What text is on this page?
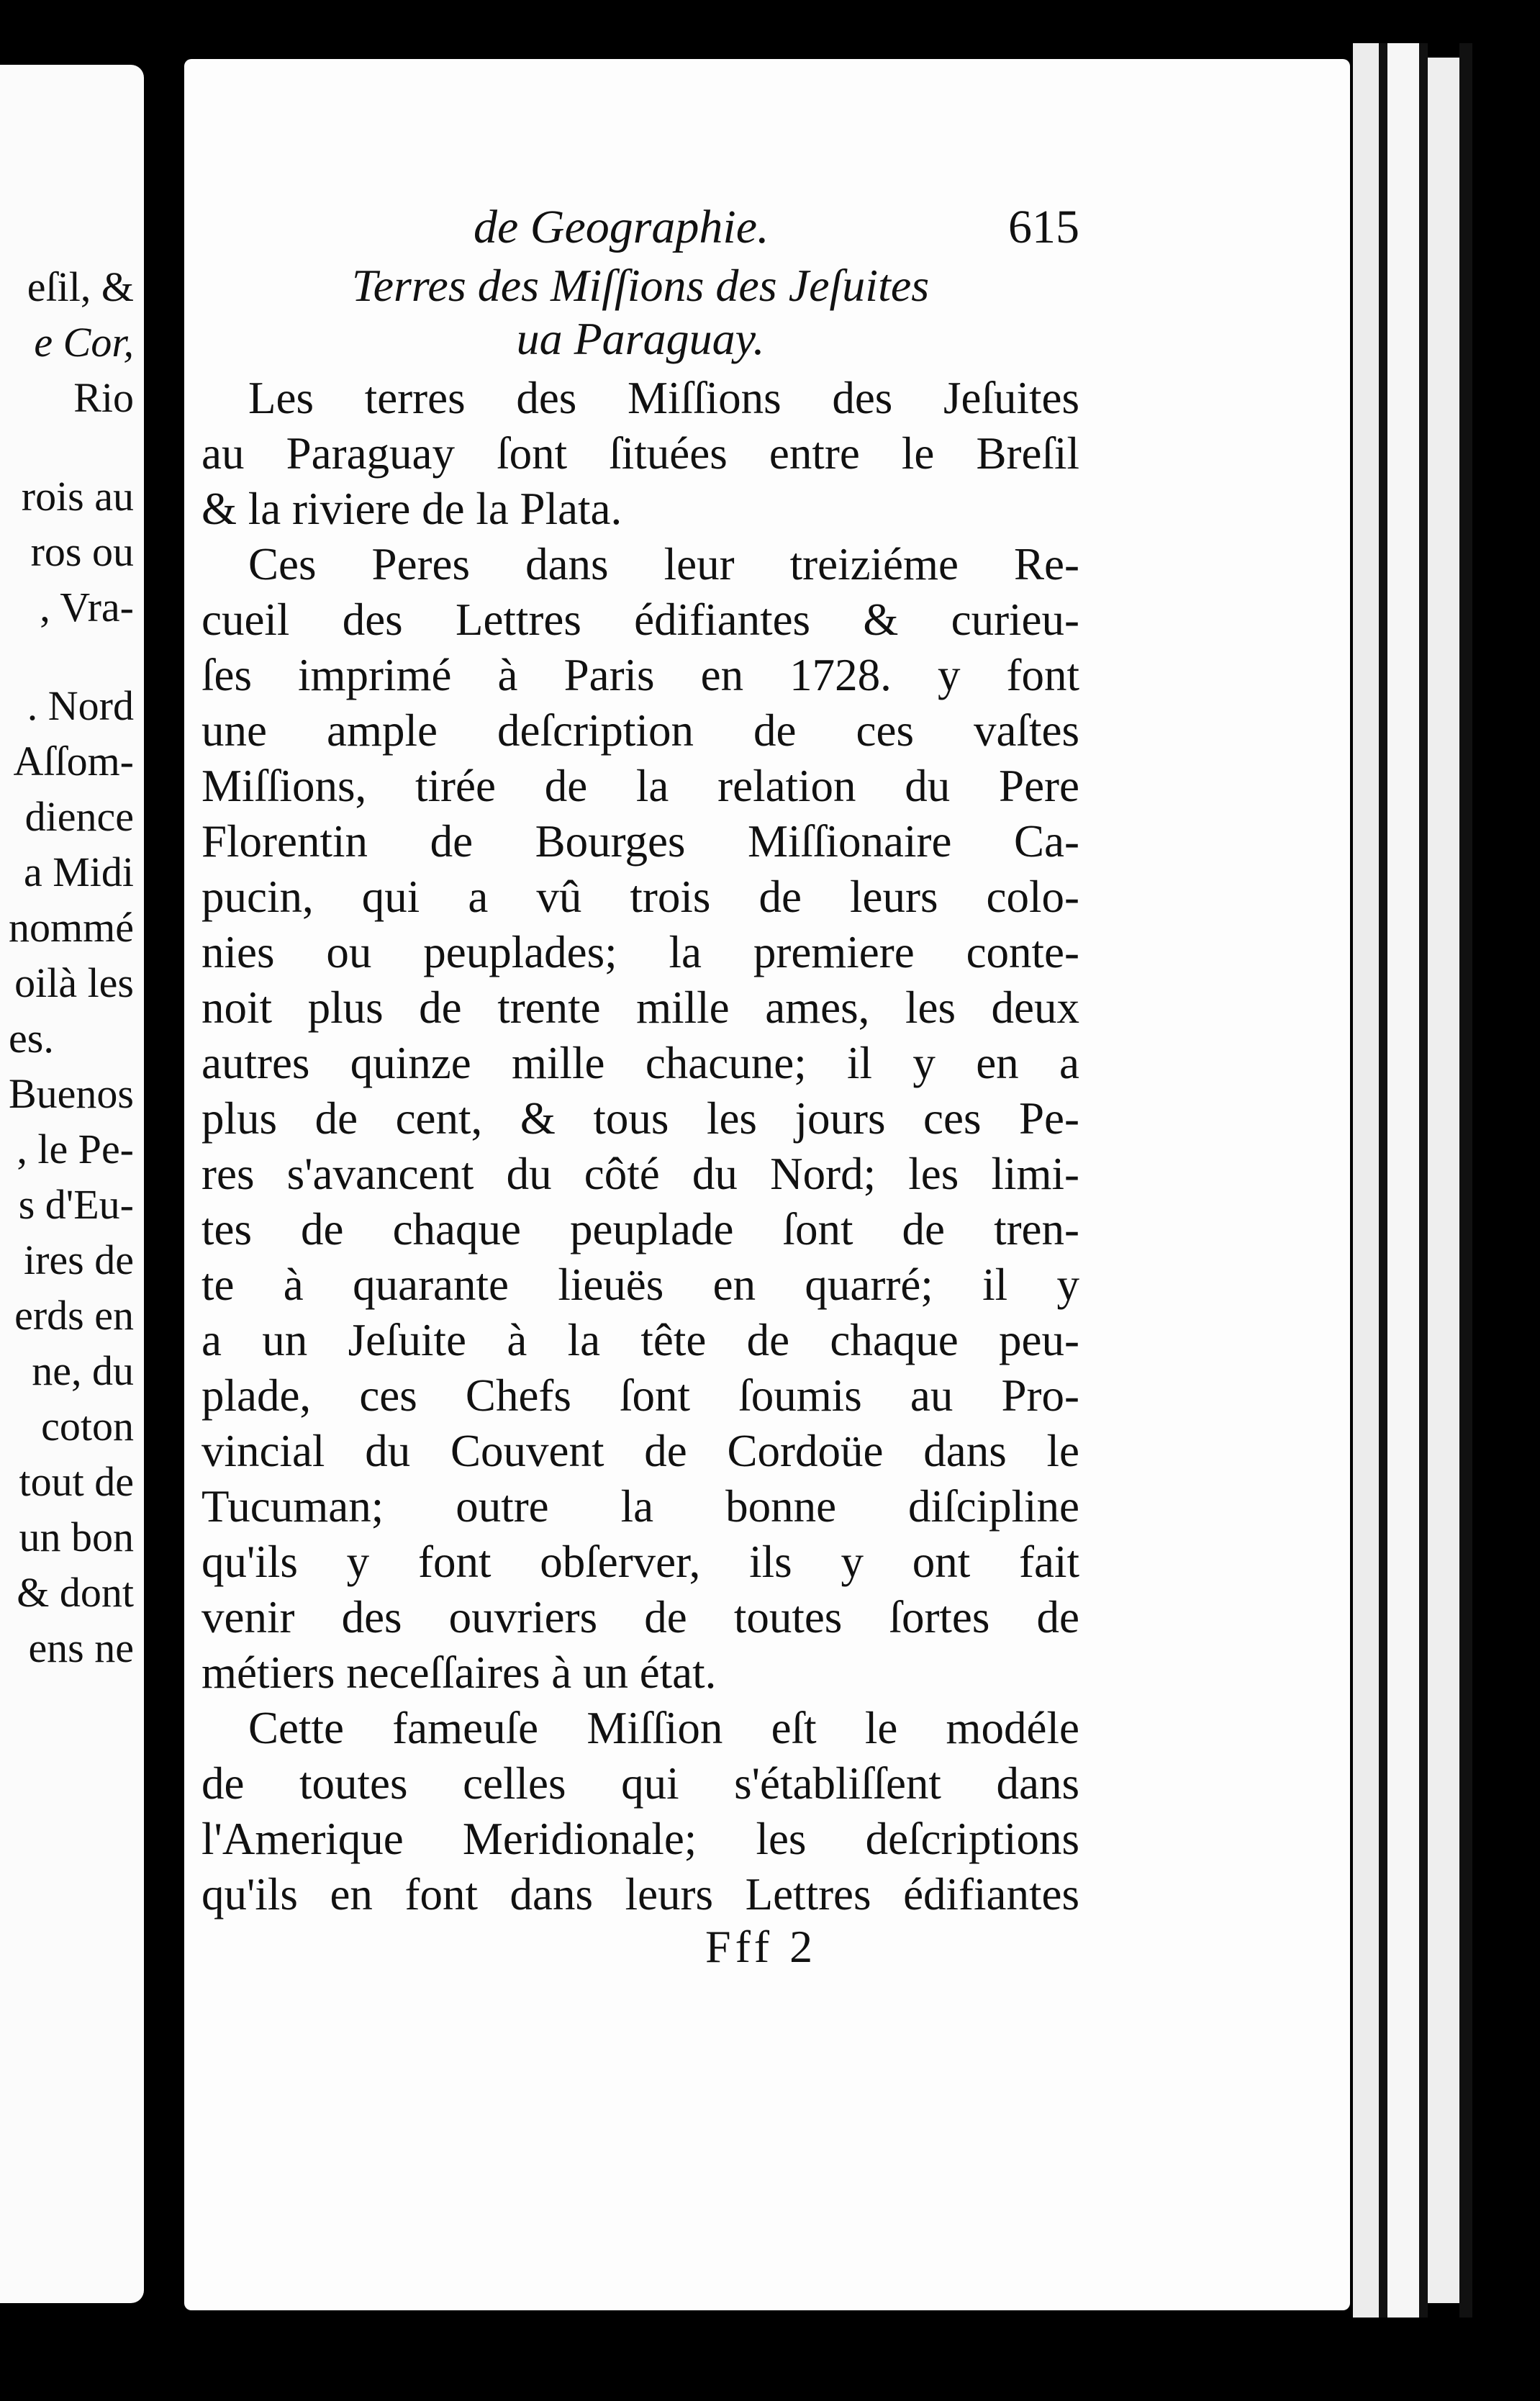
eſil, &
e Cor,
Rio
rois au
ros ou
, Vra-
. Nord
Aſſom-
dience
a Midi
nommé
oilà les
es.
Buenos
, le Pe-
s d'Eu-
ires de
erds en
ne, du
coton
tout de
un bon
& dont
ens ne
de Geographie.	615
Terres des Miſſions des Jeſuites
ua Paraguay.
Les terres des Miſſions des Jeſuites
au Paraguay ſont ſituées entre le Breſil
& la riviere de la Plata.
Ces Peres dans leur treiziéme Re-
cueil des Lettres édifiantes & curieu-
ſes imprimé à Paris en 1728. y font
une ample deſcription de ces vaſtes
Miſſions, tirée de la relation du Pere
Florentin de Bourges Miſſionaire Ca-
pucin, qui a vû trois de leurs colo-
nies ou peuplades; la premiere conte-
noit plus de trente mille ames, les deux
autres quinze mille chacune; il y en a
plus de cent, & tous les jours ces Pe-
res s'avancent du côté du Nord; les limi-
tes de chaque peuplade ſont de tren-
te à quarante lieuës en quarré; il y
a un Jeſuite à la tête de chaque peu-
plade, ces Chefs ſont ſoumis au Pro-
vincial du Couvent de Cordoüe dans le
Tucuman; outre la bonne diſcipline
qu'ils y font obſerver, ils y ont fait
venir des ouvriers de toutes ſortes de
métiers neceſſaires à un état.
Cette fameuſe Miſſion eſt le modéle
de toutes celles qui s'établiſſent dans
l'Amerique Meridionale; les deſcriptions
qu'ils en font dans leurs Lettres édifiantes
Fff 2
